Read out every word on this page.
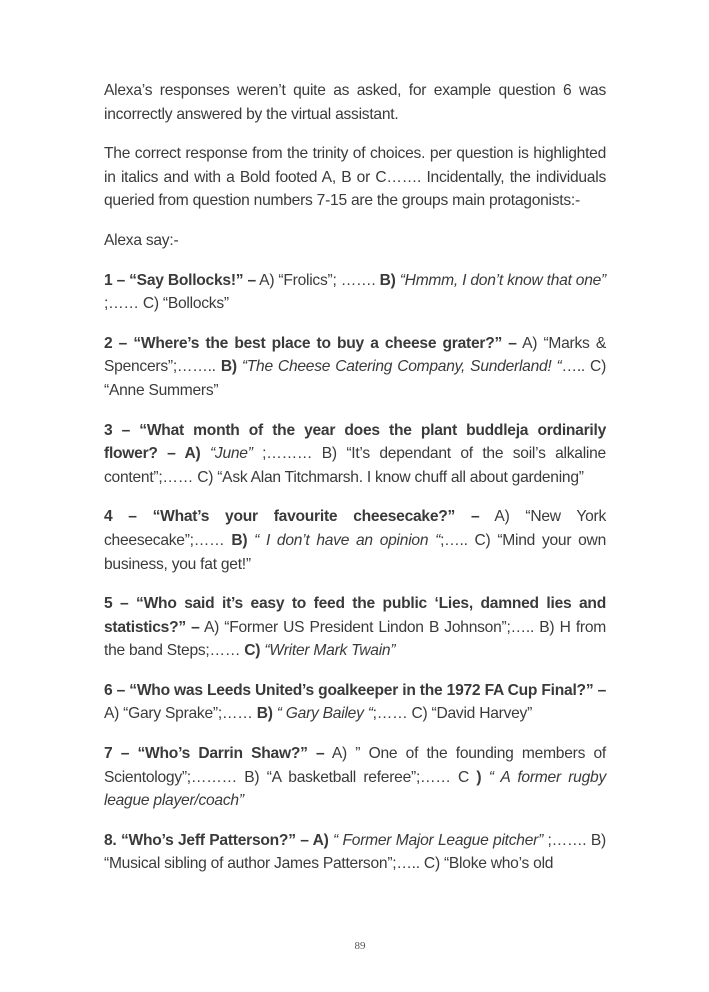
Alexa’s responses weren’t quite as asked, for example question 6 was incorrectly answered by the virtual assistant.

The correct response from the trinity of choices. per question is highlighted in italics and with a Bold footed A, B or C……. Incidentally, the individuals queried from question numbers 7-15 are the groups main protagonists:-

Alexa say:-

1 – “Say Bollocks!” – A) “Frolics”; ……. B) “Hmmm, I don’t know that one” ;…… C) “Bollocks”

2 – “Where’s the best place to buy a cheese grater?” – A) “Marks & Spencers”;…….. B) “The Cheese Catering Company, Sunderland! “….. C) “Anne Summers”

3 – “What month of the year does the plant buddleja ordinarily flower? – A) “June” ;……… B) “It’s dependant of the soil’s alkaline content”;…… C) “Ask Alan Titchmarsh. I know chuff all about gardening”

4 – “What’s your favourite cheesecake?” – A) “New York cheesecake”;…… B) “ I don’t have an opinion “;….. C) “Mind your own business, you fat get!”

5 – “Who said it’s easy to feed the public ‘Lies, damned lies and statistics?” – A) “Former US President Lindon B Johnson”;….. B) H from the band Steps;…… C) “Writer Mark Twain”

6 – “Who was Leeds United’s goalkeeper in the 1972 FA Cup Final?” – A) “Gary Sprake”;…… B) “ Gary Bailey “;…… C) “David Harvey”

7 – “Who’s Darrin Shaw?” – A) ” One of the founding members of Scientology”;……… B) “A basketball referee”;…… C ) “ A former rugby league player/coach”

8. “Who’s Jeff Patterson?” – A) “ Former Major League pitcher” ;……. B) “Musical sibling of author James Patterson”;….. C) “Bloke who’s old

89
